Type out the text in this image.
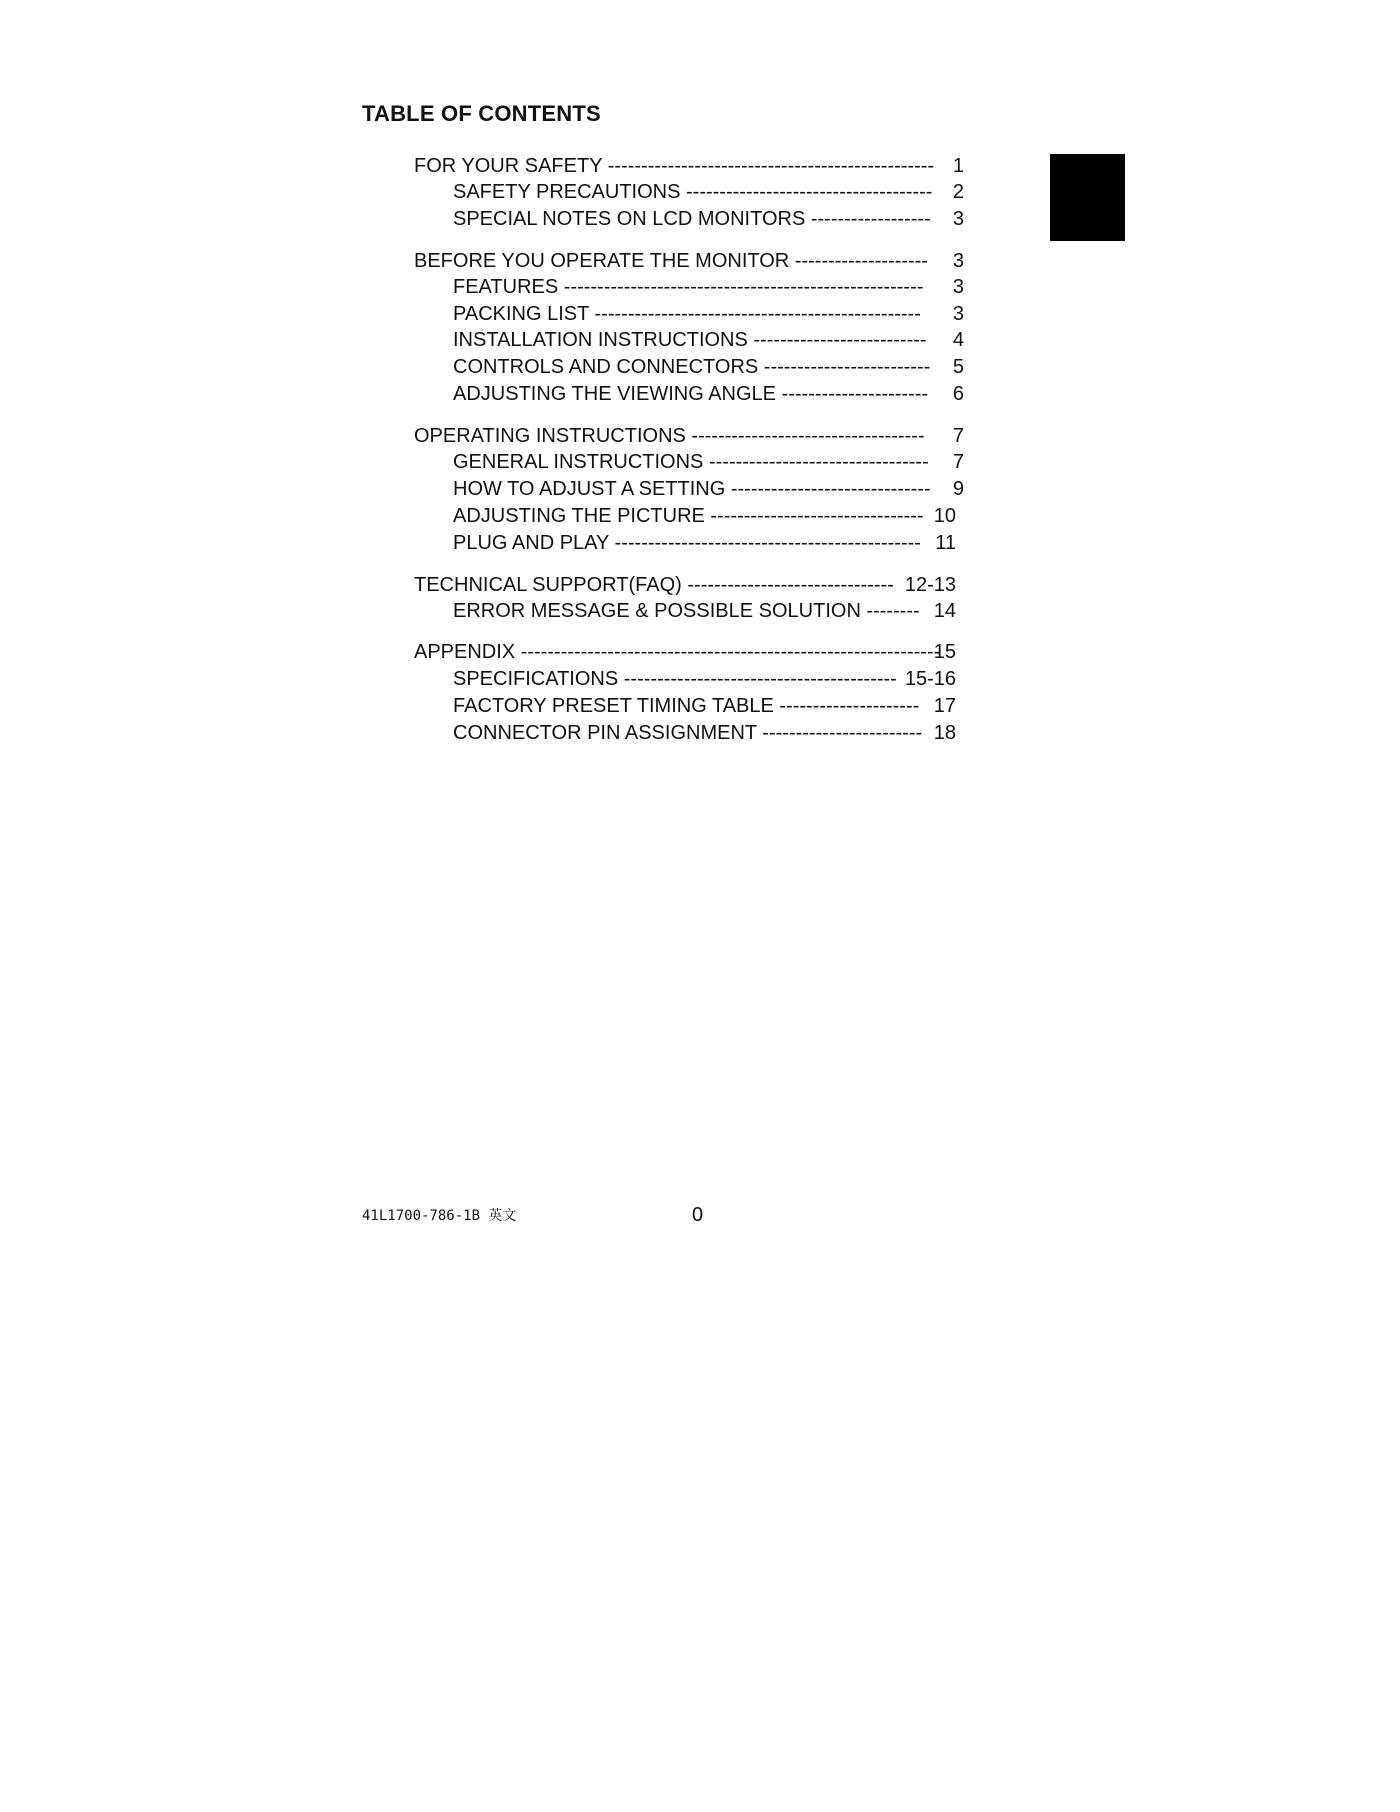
TABLE OF CONTENTS
FOR YOUR SAFETY ------------------------------------------------- 1
SAFETY PRECAUTIONS ------------------------------------- 2
SPECIAL NOTES ON LCD MONITORS ------------------ 3
BEFORE YOU OPERATE THE MONITOR -------------------- 3
FEATURES ------------------------------------------------------ 3
PACKING LIST ------------------------------------------------- 3
INSTALLATION INSTRUCTIONS -------------------------- 4
CONTROLS AND CONNECTORS ------------------------- 5
ADJUSTING THE VIEWING ANGLE ---------------------- 6
OPERATING INSTRUCTIONS ----------------------------------- 7
GENERAL INSTRUCTIONS --------------------------------- 7
HOW TO ADJUST A SETTING ------------------------------ 9
ADJUSTING THE PICTURE -------------------------------- 10
PLUG AND PLAY ---------------------------------------------- 11
TECHNICAL SUPPORT(FAQ) ------------------------------- 12-13
ERROR MESSAGE & POSSIBLE SOLUTION -------- 14
APPENDIX ---------------------------------------------------------------
15
SPECIFICATIONS ----------------------------------------- 15-16
FACTORY PRESET TIMING TABLE --------------------- 17
CONNECTOR PIN ASSIGNMENT ------------------------ 18
41L1700-786-1B 英文	0
